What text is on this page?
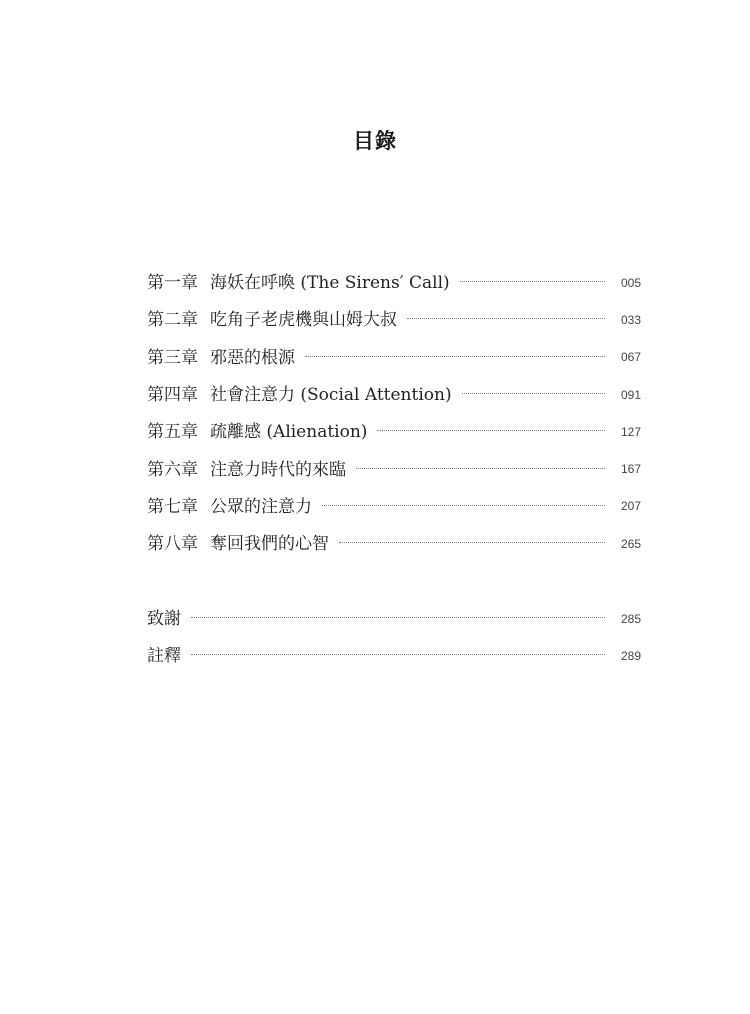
目錄
第一章 海妖在呼喚 (The Sirens′ Call)	005
第二章 吃角子老虎機與山姆大叔	033
第三章 邪惡的根源	067
第四章 社會注意力 (Social Attention)	091
第五章 疏離感 (Alienation)	127
第六章 注意力時代的來臨	167
第七章 公眾的注意力	207
第八章 奪回我們的心智	265
致謝	285
註釋	289
